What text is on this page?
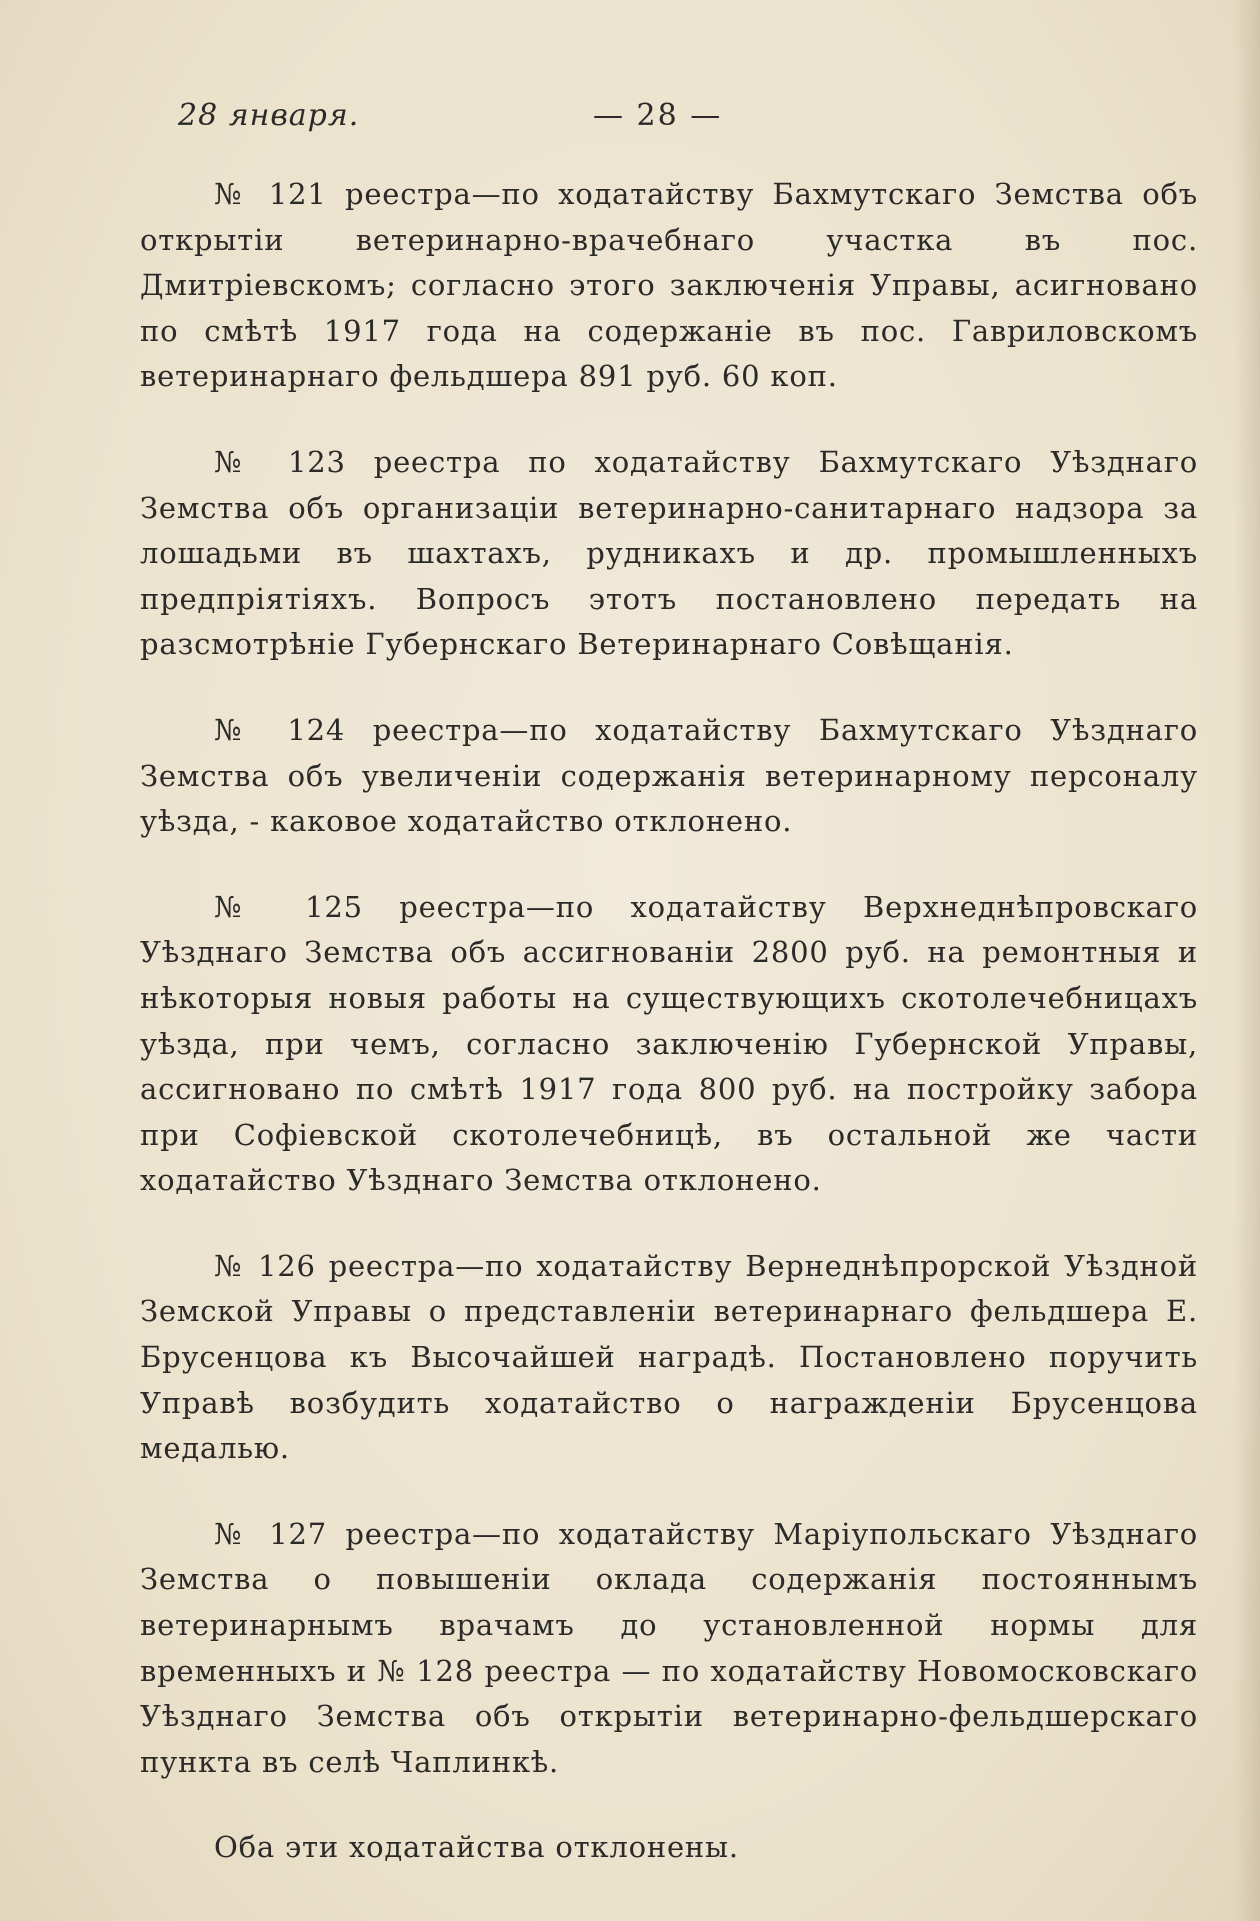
28 января.	— 28 —

№ 121 реестра—по ходатайству Бахмутскаго Земства объ открытіи ветеринарно-врачебнаго участка въ пос. Дмитріевскомъ; согласно этого заключенія Управы, асигновано по смѣтѣ 1917 года на содержаніе въ пос. Гавриловскомъ ветеринарнаго фельдшера 891 руб. 60 коп.

№ 123 реестра по ходатайству Бахмутскаго Уѣзднаго Земства объ организаціи ветеринарно-санитарнаго надзора за лошадьми въ шахтахъ, рудникахъ и др. промышленныхъ предпріятіяхъ. Вопросъ этотъ постановлено передать на разсмотрѣніе Губернскаго Ветеринарнаго Совѣщанія.

№ 124 реестра—по ходатайству Бахмутскаго Уѣзднаго Земства объ увеличеніи содержанія ветеринарному персоналу уѣзда, - каковое ходатайство отклонено.

№ 125 реестра—по ходатайству Верхнеднѣпровскаго Уѣзднаго Земства объ ассигнованіи 2800 руб. на ремонтныя и нѣкоторыя новыя работы на существующихъ скотолечебницахъ уѣзда, при чемъ, согласно заключенію Губернской Управы, ассигновано по смѣтѣ 1917 года 800 руб. на постройку забора при Софіевской скотолечебницѣ, въ остальной же части ходатайство Уѣзднаго Земства отклонено.

№ 126 реестра—по ходатайству Вернеднѣпрорской Уѣздной Земской Управы о представленіи ветеринарнаго фельдшера Е. Брусенцова къ Высочайшей наградѣ. Постановлено поручить Управѣ возбудить ходатайство о награжденіи Брусенцова медалью.

№ 127 реестра—по ходатайству Маріупольскаго Уѣзднаго Земства о повышеніи оклада содержанія постояннымъ ветеринарнымъ врачамъ до установленной нормы для временныхъ и № 128 реестра — по ходатайству Новомосковскаго Уѣзднаго Земства объ открытіи ветеринарно-фельдшерскаго пункта въ селѣ Чаплинкѣ.

Оба эти ходатайства отклонены.
